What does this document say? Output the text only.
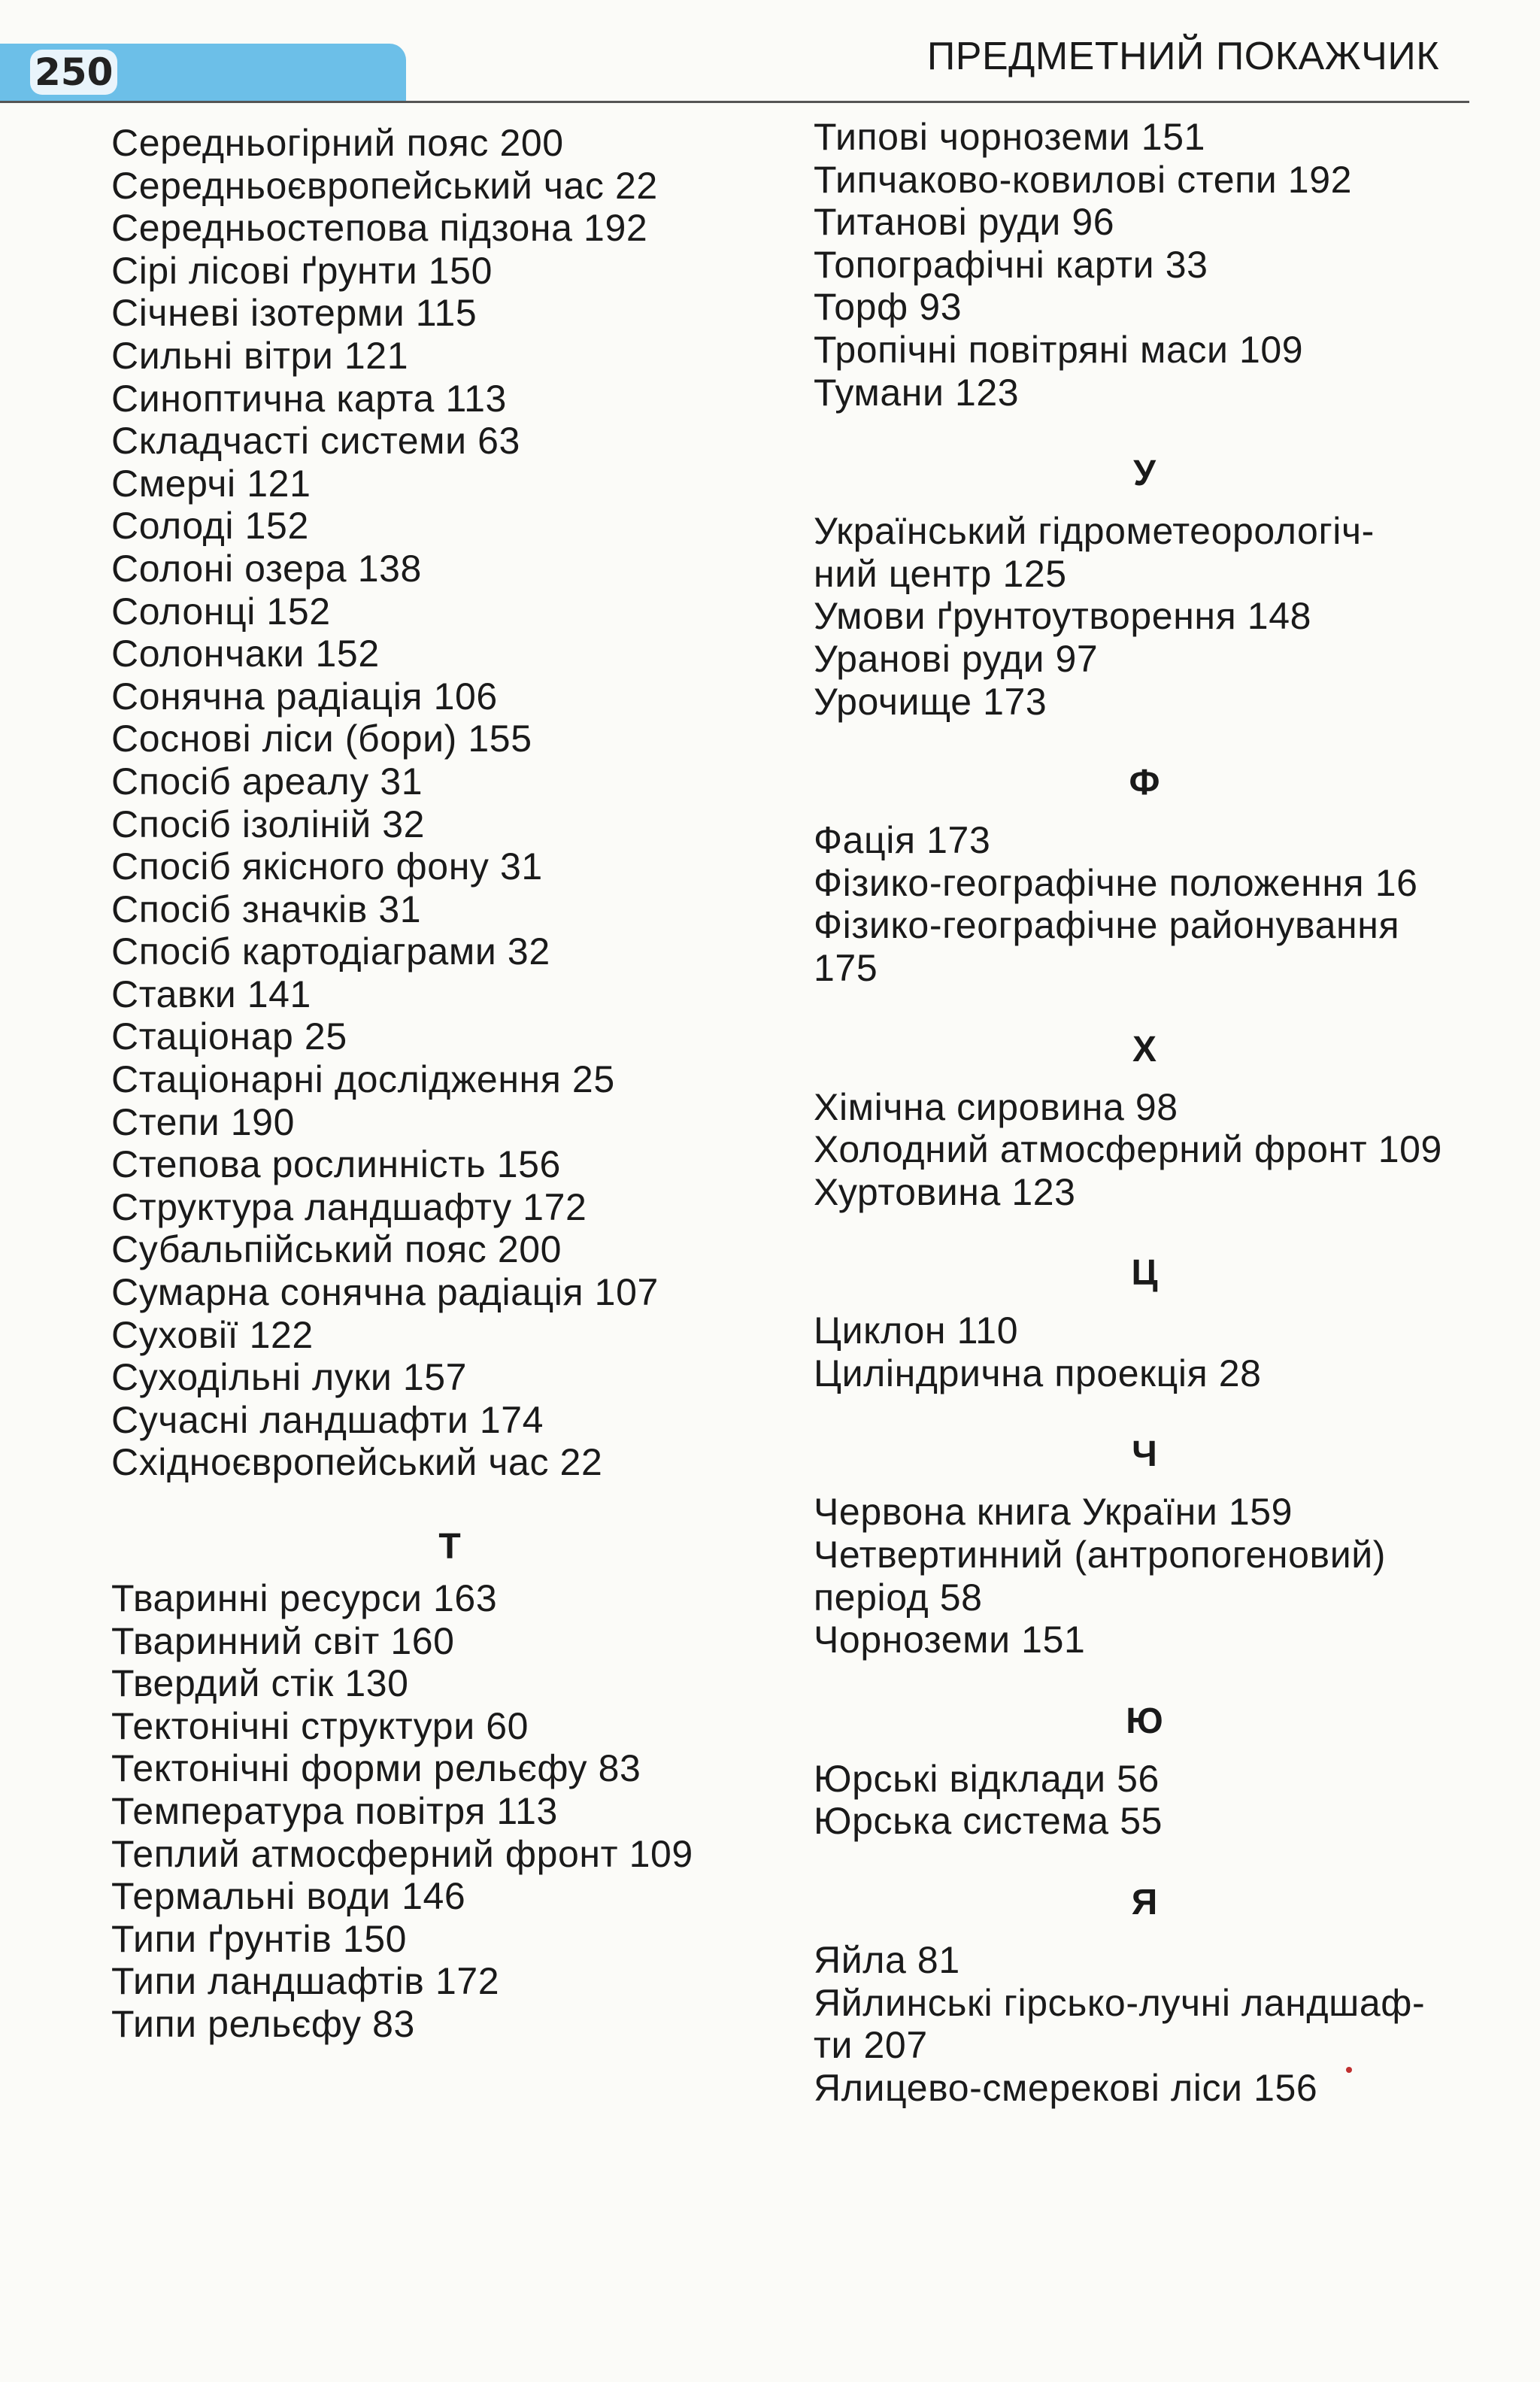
250	ПРЕДМЕТНИЙ ПОКАЖЧИК
Середньогірний пояс 200
Середньоєвропейський час 22
Середньостепова підзона 192
Сірі лісові ґрунти 150
Січневі ізотерми 115
Сильні вітри 121
Синоптична карта 113
Складчасті системи 63
Смерчі 121
Солоді 152
Солоні озера 138
Солонці 152
Солончаки 152
Сонячна радіація 106
Соснові ліси (бори) 155
Спосіб ареалу 31
Спосіб ізоліній 32
Спосіб якісного фону 31
Спосіб значків 31
Спосіб картодіаграми 32
Ставки 141
Стаціонар 25
Стаціонарні дослідження 25
Степи 190
Степова рослинність 156
Структура ландшафту 172
Субальпійський пояс 200
Сумарна сонячна радіація 107
Суховії 122
Суходільні луки 157
Сучасні ландшафти 174
Східноєвропейський час 22
Т
Тваринні ресурси 163
Тваринний світ 160
Твердий стік 130
Тектонічні структури 60
Тектонічні форми рельєфу 83
Температура повітря 113
Теплий атмосферний фронт 109
Термальні води 146
Типи ґрунтів 150
Типи ландшафтів 172
Типи рельєфу 83
Типові чорноземи 151
Типчаково-ковилові степи 192
Титанові руди 96
Топографічні карти 33
Торф 93
Тропічні повітряні маси 109
Тумани 123
У
Український гідрометеорологіч-
ний центр 125
Умови ґрунтоутворення 148
Уранові руди 97
Урочище 173
Ф
Фація 173
Фізико-географічне положення 16
Фізико-географічне районування
175
Х
Хімічна сировина 98
Холодний атмосферний фронт 109
Хуртовина 123
Ц
Циклон 110
Циліндрична проекція 28
Ч
Червона книга України 159
Четвертинний (антропогеновий)
період 58
Чорноземи 151
Ю
Юрські відклади 56
Юрська система 55
Я
Яйла 81
Яйлинські гірсько-лучні ландшаф-
ти 207
Ялицево-смерекові ліси 156
